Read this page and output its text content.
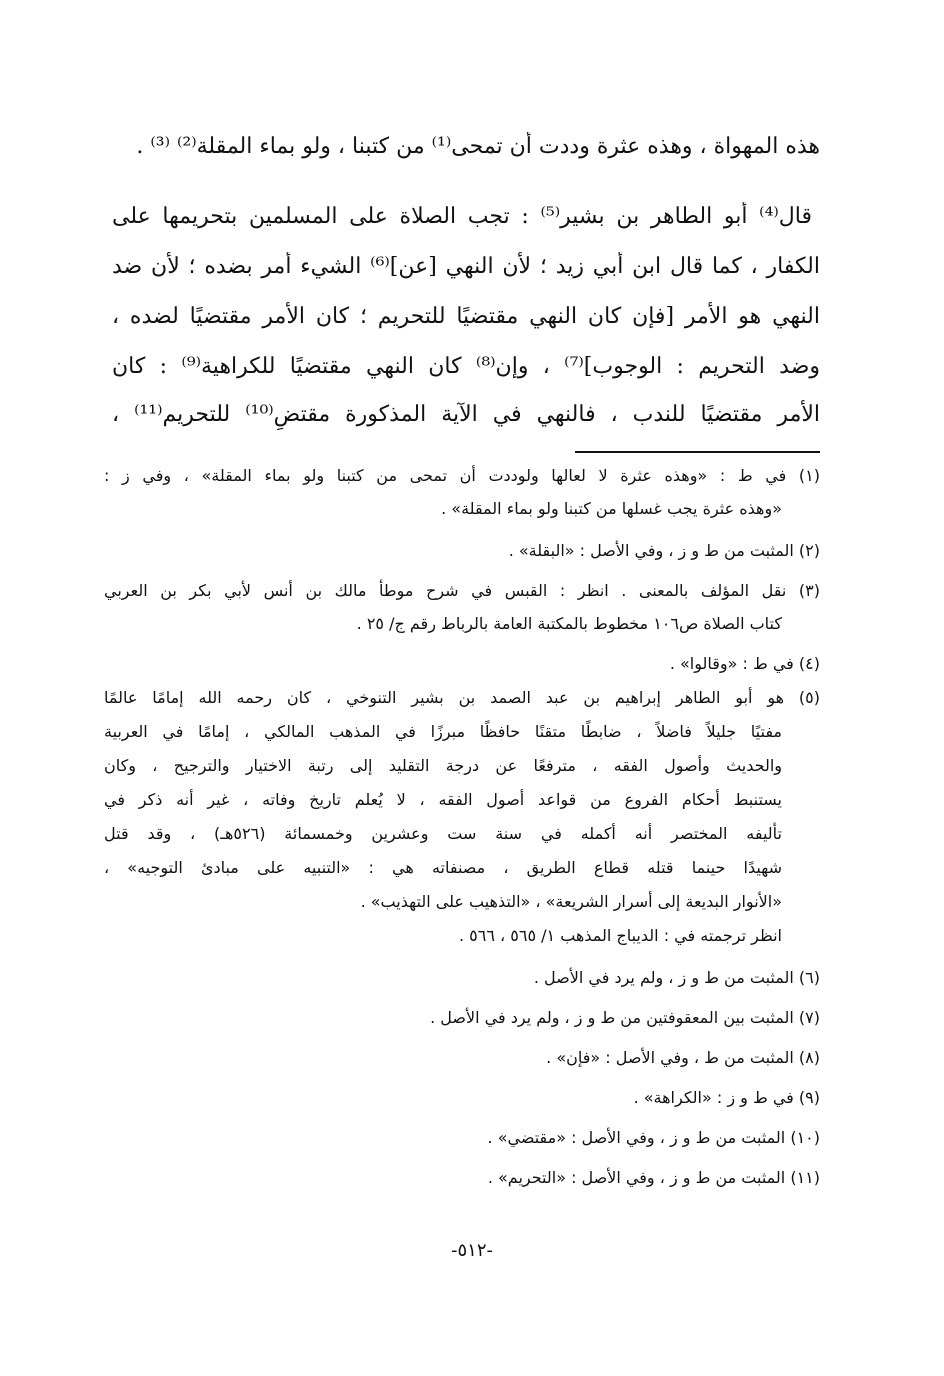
هذه المهواة ، وهذه عثرة وددت أن تمحى⁽¹⁾ من كتبنا ، ولو بماء المقلة⁽²⁾ ⁽³⁾ .
قال⁽⁴⁾ أبو الطاهر بن بشير⁽⁵⁾ : تجب الصلاة على المسلمين بتحريمها على
الكفار ، كما قال ابن أبي زيد ؛ لأن النهي [عن]⁽⁶⁾ الشيء أمر بضده ؛ لأن ضد
النهي هو الأمر [فإن كان النهي مقتضيًا للتحريم ؛ كان الأمر مقتضيًا لضده ،
وضد التحريم : الوجوب]⁽⁷⁾ ، وإن⁽⁸⁾ كان النهي مقتضيًا للكراهية⁽⁹⁾ : كان
الأمر مقتضيًا للندب ، فالنهي في الآية المذكورة مقتضٍ⁽¹⁰⁾ للتحريم⁽¹¹⁾ ،
(١) في ط : «وهذه عثرة لا لعالها ولوددت أن تمحى من كتبنا ولو بماء المقلة» ، وفي ز :
«وهذه عثرة يجب غسلها من كتبنا ولو بماء المقلة» .
(٢) المثبت من ط و ز ، وفي الأصل : «البقلة» .
(٣) نقل المؤلف بالمعنى . انظر : القبس في شرح موطأ مالك بن أنس لأبي بكر بن العربي
كتاب الصلاة ص١٠٦ مخطوط بالمكتبة العامة بالرباط رقم ج/ ٢٥ .
(٤) في ط : «وقالوا» .
(٥) هو أبو الطاهر إبراهيم بن عبد الصمد بن بشير التنوخي ، كان رحمه الله إمامًا عالمًا
مفتيًا جليلاً فاضلاً ، ضابطًا متقنًا حافظًا مبرزًا في المذهب المالكي ، إمامًا في العربية
والحديث وأصول الفقه ، مترفعًا عن درجة التقليد إلى رتبة الاختيار والترجيح ، وكان
يستنبط أحكام الفروع من قواعد أصول الفقه ، لا يُعلم تاريخ وفاته ، غير أنه ذكر في
تأليفه المختصر أنه أكمله في سنة ست وعشرين وخمسمائة (٥٢٦هـ) ، وقد قتل
شهيدًا حينما قتله قطاع الطريق ، مصنفاته هي : «التنبيه على مبادئ التوجيه» ،
«الأنوار البديعة إلى أسرار الشريعة» ، «التذهيب على التهذيب» .
انظر ترجمته في : الديباج المذهب ١/ ٥٦٥ ، ٥٦٦ .
(٦) المثبت من ط و ز ، ولم يرد في الأصل .
(٧) المثبت بين المعقوفتين من ط و ز ، ولم يرد في الأصل .
(٨) المثبت من ط ، وفي الأصل : «فإن» .
(٩) في ط و ز : «الكراهة» .
(١٠) المثبت من ط و ز ، وفي الأصل : «مقتضي» .
(١١) المثبت من ط و ز ، وفي الأصل : «التحريم» .
-٥١٢-
